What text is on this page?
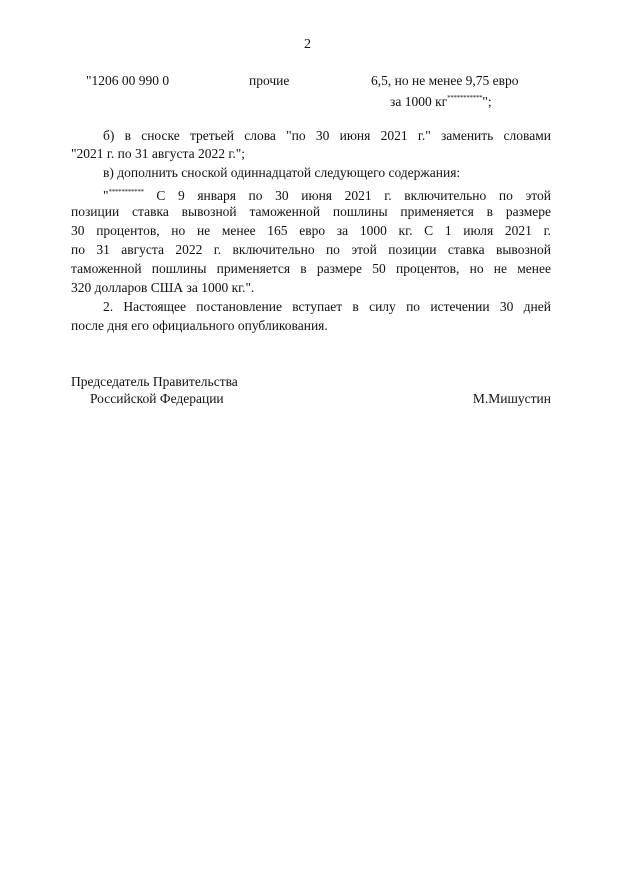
2
"1206 00 990 0	прочие	6,5, но не менее 9,75 евро
за 1000 кг***********";
б) в сноске третьей слова "по 30 июня 2021 г." заменить словами
"2021 г. по 31 августа 2022 г.";
в) дополнить сноской одиннадцатой следующего содержания:
"*********** С 9 января по 30 июня 2021 г. включительно по этой
позиции ставка вывозной таможенной пошлины применяется в размере
30 процентов, но не менее 165 евро за 1000 кг. С 1 июля 2021 г.
по 31 августа 2022 г. включительно по этой позиции ставка вывозной
таможенной пошлины применяется в размере 50 процентов, но не менее
320 долларов США за 1000 кг.".
2. Настоящее постановление вступает в силу по истечении 30 дней
после дня его официального опубликования.
Председатель Правительства
Российской Федерации	М.Мишустин
